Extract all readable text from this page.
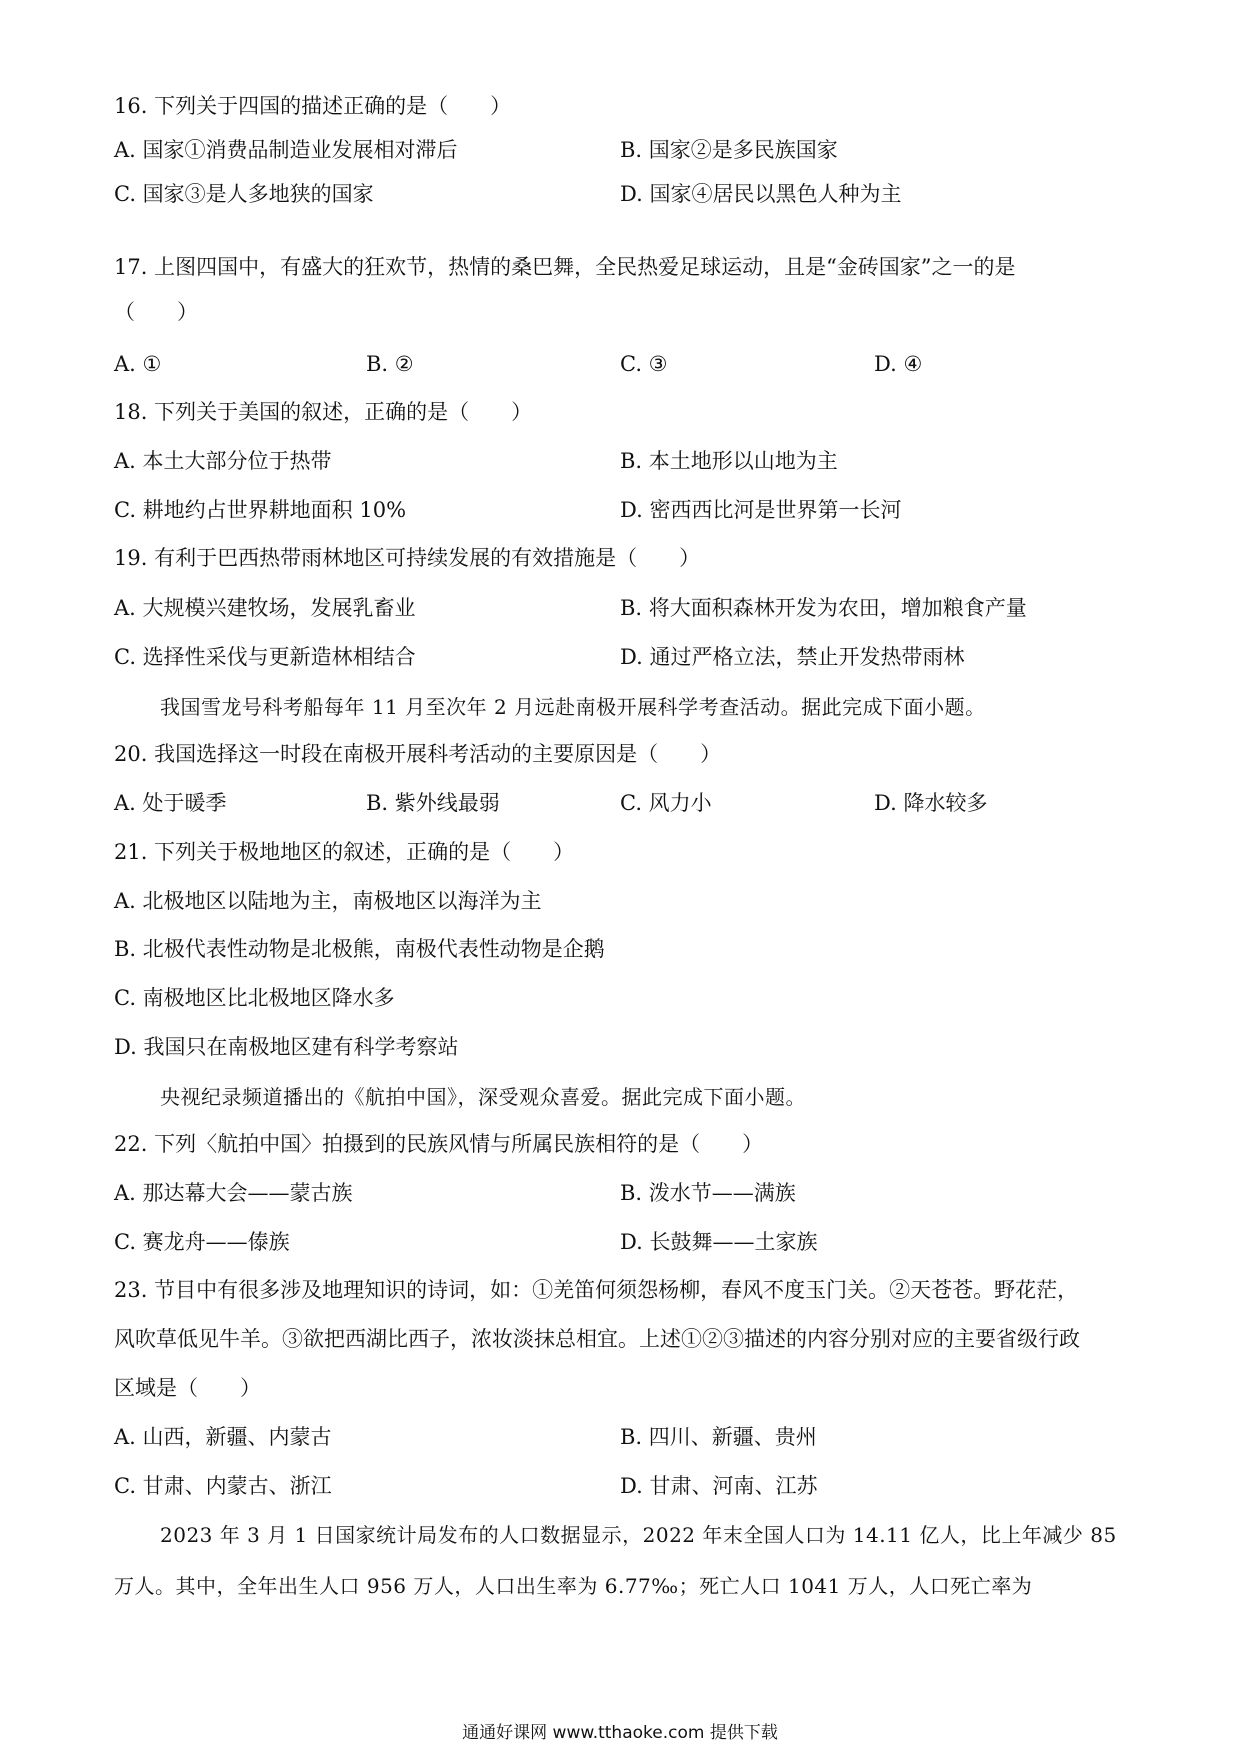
16. 下列关于四国的描述正确的是（　　）
A. 国家①消费品制造业发展相对滞后	B. 国家②是多民族国家
C. 国家③是人多地狭的国家	D. 国家④居民以黑色人种为主
17. 上图四国中，有盛大的狂欢节，热情的桑巴舞，全民热爱足球运动，且是“金砖国家”之一的是
（　　）
A. ①	B. ②	C. ③	D. ④
18. 下列关于美国的叙述，正确的是（　　）
A. 本土大部分位于热带	B. 本土地形以山地为主
C. 耕地约占世界耕地面积 10%	D. 密西西比河是世界第一长河
19. 有利于巴西热带雨林地区可持续发展的有效措施是（　　）
A. 大规模兴建牧场，发展乳畜业	B. 将大面积森林开发为农田，增加粮食产量
C. 选择性采伐与更新造林相结合	D. 通过严格立法，禁止开发热带雨林
我国雪龙号科考船每年 11 月至次年 2 月远赴南极开展科学考查活动。据此完成下面小题。
20. 我国选择这一时段在南极开展科考活动的主要原因是（　　）
A. 处于暖季	B. 紫外线最弱	C. 风力小	D. 降水较多
21. 下列关于极地地区的叙述，正确的是（　　）
A. 北极地区以陆地为主，南极地区以海洋为主
B. 北极代表性动物是北极熊，南极代表性动物是企鹅
C. 南极地区比北极地区降水多
D. 我国只在南极地区建有科学考察站
央视纪录频道播出的《航拍中国》，深受观众喜爱。据此完成下面小题。
22. 下列〈航拍中国〉拍摄到的民族风情与所属民族相符的是（　　）
A. 那达幕大会——蒙古族	B. 泼水节——满族
C. 赛龙舟——傣族	D. 长鼓舞——土家族
23. 节目中有很多涉及地理知识的诗词，如：①羌笛何须怨杨柳，春风不度玉门关。②天苍苍。野花茫，
风吹草低见牛羊。③欲把西湖比西子，浓妆淡抹总相宜。上述①②③描述的内容分别对应的主要省级行政
区域是（　　）
A. 山西，新疆、内蒙古	B. 四川、新疆、贵州
C. 甘肃、内蒙古、浙江	D. 甘肃、河南、江苏
2023 年 3 月 1 日国家统计局发布的人口数据显示，2022 年末全国人口为 14.11 亿人，比上年减少 85
万人。其中，全年出生人口 956 万人，人口出生率为 6.77‰；死亡人口 1041 万人，人口死亡率为
通通好课网 www.tthaoke.com 提供下载
